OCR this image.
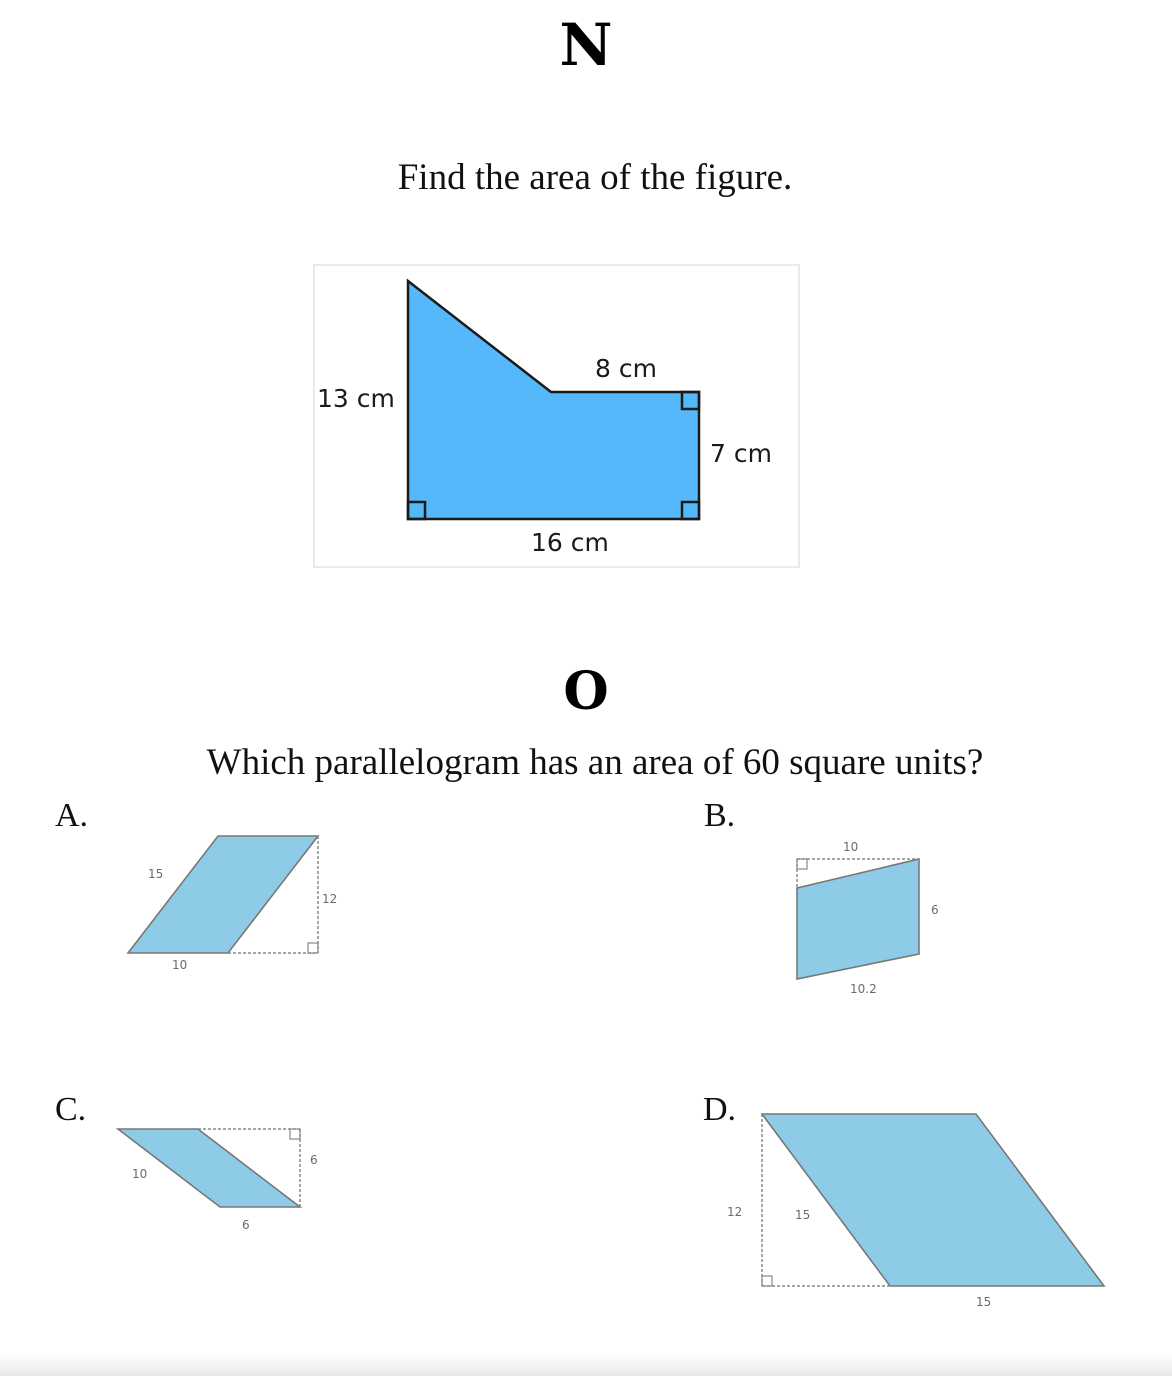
N
Find the area of the figure.
13 cm
8 cm
7 cm
16 cm
O
Which parallelogram has an area of 60 square units?
A.
15
10
12
B.
10
6
10.2
C.
10
6
6
D.
12	15
15
